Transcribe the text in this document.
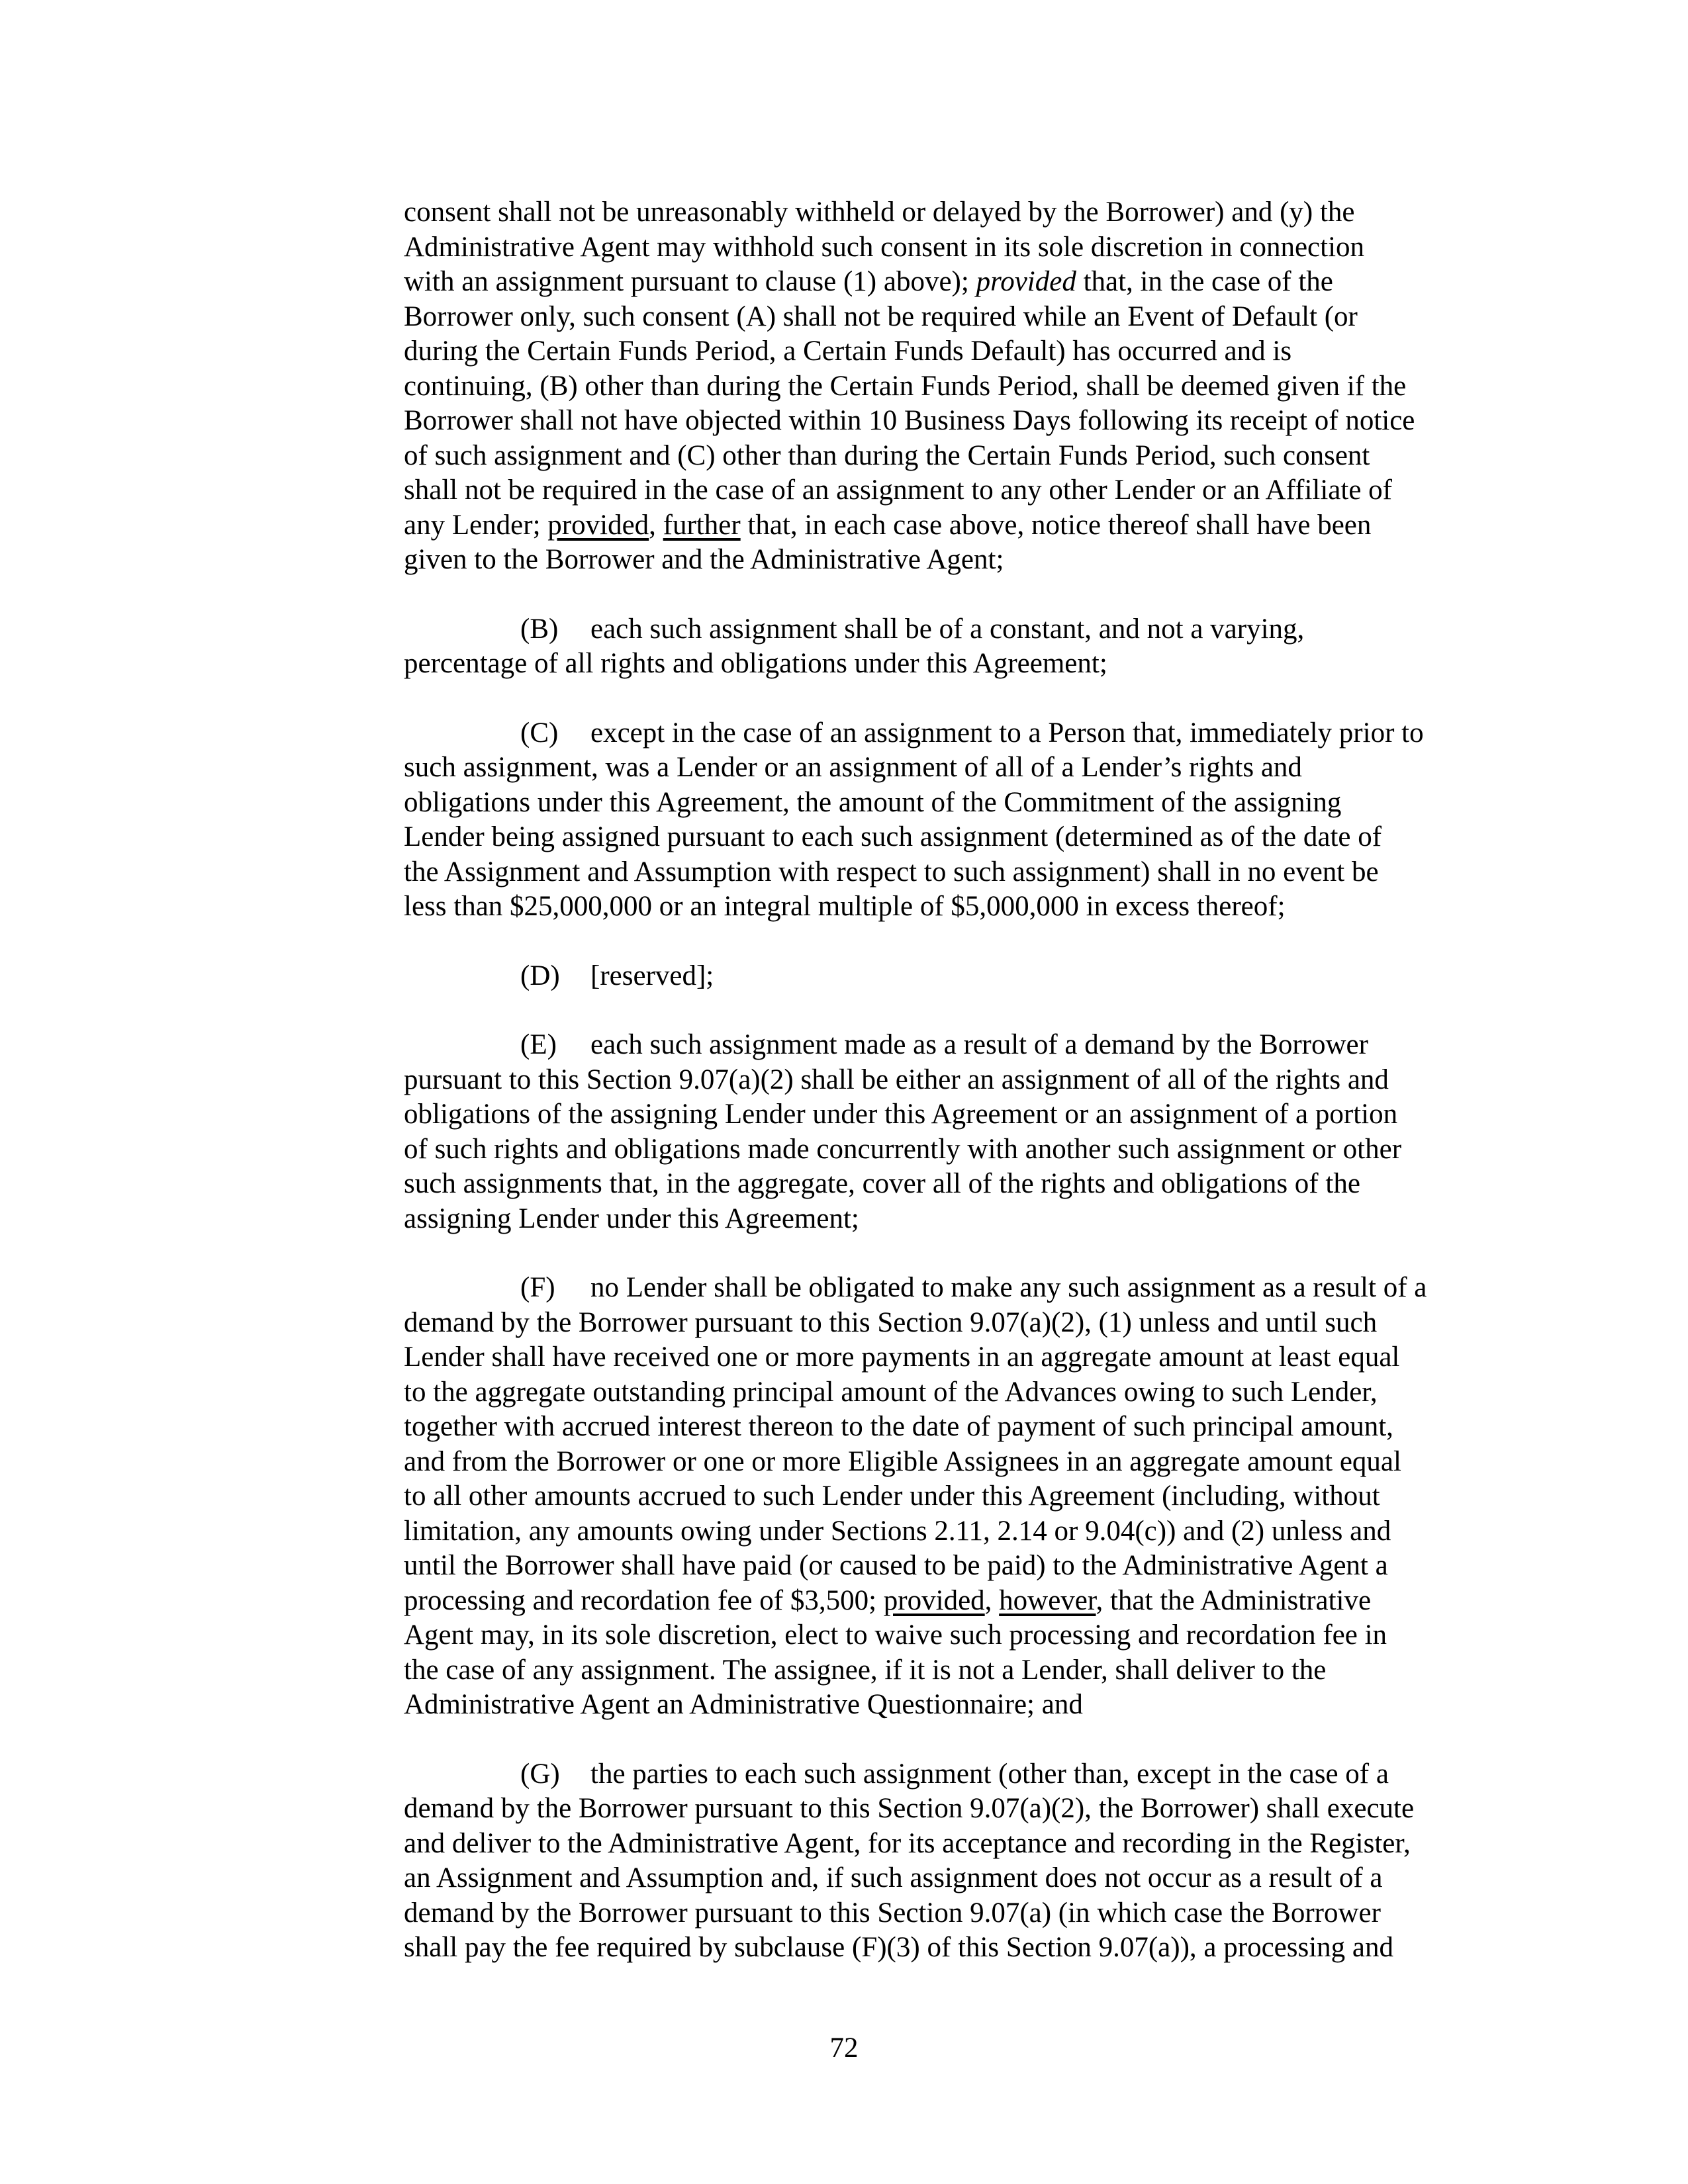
consent shall not be unreasonably withheld or delayed by the Borrower) and (y) the
Administrative Agent may withhold such consent in its sole discretion in connection
with an assignment pursuant to clause (1) above); provided that, in the case of the
Borrower only, such consent (A) shall not be required while an Event of Default (or
during the Certain Funds Period, a Certain Funds Default) has occurred and is
continuing, (B) other than during the Certain Funds Period, shall be deemed given if the
Borrower shall not have objected within 10 Business Days following its receipt of notice
of such assignment and (C) other than during the Certain Funds Period, such consent
shall not be required in the case of an assignment to any other Lender or an Affiliate of
any Lender; provided, further that, in each case above, notice thereof shall have been
given to the Borrower and the Administrative Agent;

(B) each such assignment shall be of a constant, and not a varying,
percentage of all rights and obligations under this Agreement;

(C) except in the case of an assignment to a Person that, immediately prior to
such assignment, was a Lender or an assignment of all of a Lender’s rights and
obligations under this Agreement, the amount of the Commitment of the assigning
Lender being assigned pursuant to each such assignment (determined as of the date of
the Assignment and Assumption with respect to such assignment) shall in no event be
less than $25,000,000 or an integral multiple of $5,000,000 in excess thereof;

(D) [reserved];

(E) each such assignment made as a result of a demand by the Borrower
pursuant to this Section 9.07(a)(2) shall be either an assignment of all of the rights and
obligations of the assigning Lender under this Agreement or an assignment of a portion
of such rights and obligations made concurrently with another such assignment or other
such assignments that, in the aggregate, cover all of the rights and obligations of the
assigning Lender under this Agreement;

(F) no Lender shall be obligated to make any such assignment as a result of a
demand by the Borrower pursuant to this Section 9.07(a)(2), (1) unless and until such
Lender shall have received one or more payments in an aggregate amount at least equal
to the aggregate outstanding principal amount of the Advances owing to such Lender,
together with accrued interest thereon to the date of payment of such principal amount,
and from the Borrower or one or more Eligible Assignees in an aggregate amount equal
to all other amounts accrued to such Lender under this Agreement (including, without
limitation, any amounts owing under Sections 2.11, 2.14 or 9.04(c)) and (2) unless and
until the Borrower shall have paid (or caused to be paid) to the Administrative Agent a
processing and recordation fee of $3,500; provided, however, that the Administrative
Agent may, in its sole discretion, elect to waive such processing and recordation fee in
the case of any assignment. The assignee, if it is not a Lender, shall deliver to the
Administrative Agent an Administrative Questionnaire; and

(G) the parties to each such assignment (other than, except in the case of a
demand by the Borrower pursuant to this Section 9.07(a)(2), the Borrower) shall execute
and deliver to the Administrative Agent, for its acceptance and recording in the Register,
an Assignment and Assumption and, if such assignment does not occur as a result of a
demand by the Borrower pursuant to this Section 9.07(a) (in which case the Borrower
shall pay the fee required by subclause (F)(3) of this Section 9.07(a)), a processing and

72
